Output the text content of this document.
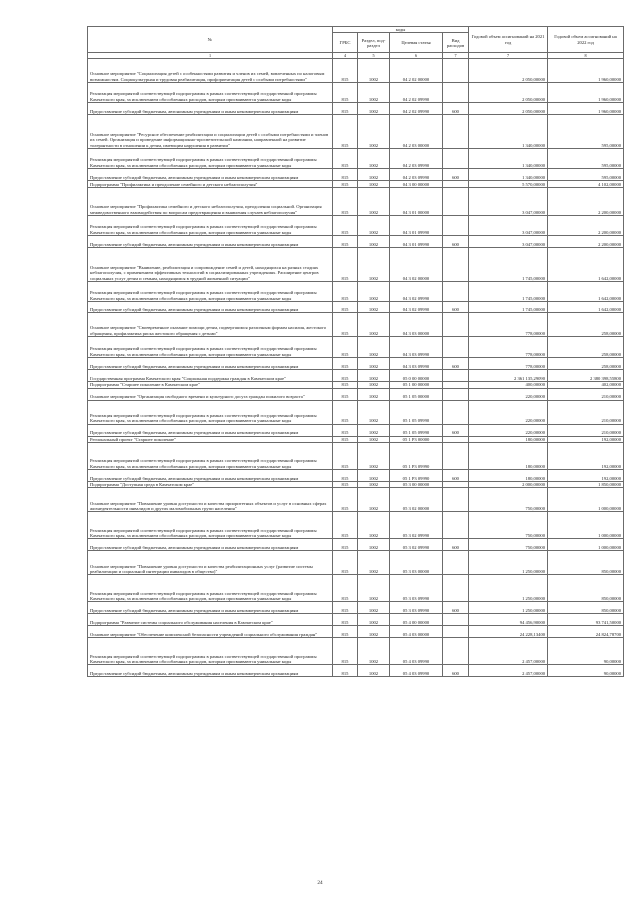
№	коды				Годовой объем ассигнований на 2021 год	Годовой объем ассигнований на 2022 год
	ГРБС	Раздел, под-раздел	Целевая статья	Вид расходов		
1	4	5	6	7	7	8
Основное мероприятие "Социализация детей с особенностями развития и членов их семей, вовлеченных по налоговым возможностям. Социокультурная и трудовая реабилитация, профориентация детей с особыми потребностями"	815	1002	04 2 02 00000		2 050,00000	1 960,00000
Реализация мероприятий соответствующей подпрограммы в рамках соответствующей государственной программы Камчатского края, за исключением обособленных расходов, которым присваиваются уникальные коды	815	1002	04 2 02 09990		2 050,00000	1 960,00000
Предоставление субсидий бюджетным, автономным учреждениям и иным некоммерческим организациям	815	1002	04 2 02 09990	600	2 050,00000	1 960,00000
Основное мероприятие "Ресурсное обеспечение реабилитации и социализации детей с особыми потребностями и членов их семей. Организация и проведение информационно-просветительской кампании, направленной на развитие толерантности в отношении к детям, имеющим нарушения в развитии"	815	1002	04 2 03 00000		1 340,00000	595,00000
Реализация мероприятий соответствующей подпрограммы в рамках соответствующей государственной программы Камчатского края, за исключением обособленных расходов, которым присваиваются уникальные коды	815	1002	04 2 03 09990		1 340,00000	595,00000
Предоставление субсидий бюджетным, автономным учреждениям и иным некоммерческим организациям	815	1002	04 2 03 09990	600	1 340,00000	595,00000
Подпрограмма "Профилактика и преодоление семейного и детского неблагополучия"	815	1002	04 3 00 00000		5 570,00000	4 102,00000
Основное мероприятие "Профилактика семейного и детского неблагополучия, преодоления социальной. Организация межведомственного взаимодействия по вопросам предотвращения и выявления случаев неблагополучия"	815	1002	04 3 01 00000		3 047,00000	2 200,00000
Реализация мероприятий соответствующей подпрограммы в рамках соответствующей государственной программы Камчатского края, за исключением обособленных расходов, которым присваиваются уникальные коды	815	1002	04 3 01 09990		3 047,00000	2 200,00000
Предоставление субсидий бюджетным, автономным учреждениям и иным некоммерческим организациям	815	1002	04 3 01 09990	600	3 047,00000	2 200,00000
Основное мероприятие "Выявление, реабилитация и сопровождение семей и детей, находящихся на разных стадиях неблагополучия, с применением эффективных технологий в социализированных учреждениях. Расширение центров социальных услуг детям и семьям, находящимся в трудной жизненной ситуации"	815	1002	04 3 02 00000		1 745,00000	1 642,00000
Реализация мероприятий соответствующей подпрограммы в рамках соответствующей государственной программы Камчатского края, за исключением обособленных расходов, которым присваиваются уникальные коды	815	1002	04 3 02 09990		1 745,00000	1 642,00000
Предоставление субсидий бюджетным, автономным учреждениям и иным некоммерческим организациям	815	1002	04 3 02 09990	600	1 745,00000	1 642,00000
Основное мероприятие "Своевременное оказание помощи детям, подвергшимся различным формам насилия, жестокого обращения, профилактика риска жестокого обращения с детьми"	815	1002	04 3 03 00000		778,00000	258,00000
Реализация мероприятий соответствующей подпрограммы в рамках соответствующей государственной программы Камчатского края, за исключением обособленных расходов, которым присваиваются уникальные коды	815	1002	04 3 03 09990		778,00000	258,00000
Предоставление субсидий бюджетным, автономным учреждениям и иным некоммерческим организациям	815	1002	04 3 03 09990	600	778,00000	258,00000
Государственная программа Камчатского края "Социальная поддержка граждан в Камчатском крае"	815	1002	05 0 00 00000		2 361 135,29090	2 380 398,55800
Подпрограмма "Старшее поколение в Камчатском крае"	815	1002	05 1 00 00000		400,00000	402,00000
Основное мероприятие "Организация свободного времени и культурного досуга граждан пожилого возраста"	815	1002	05 1 05 00000		220,00000	210,00000
Реализация мероприятий соответствующей подпрограммы в рамках соответствующей государственной программы Камчатского края, за исключением обособленных расходов, которым присваиваются уникальные коды	815	1002	05 1 05 09990		220,00000	210,00000
Предоставление субсидий бюджетным, автономным учреждениям и иным некоммерческим организациям	815	1002	05 1 05 09990	600	220,00000	210,00000
Региональный проект "Старшее поколение"	815	1002	05 1 P3 00000		180,00000	192,00000
Реализация мероприятий соответствующей подпрограммы в рамках соответствующей государственной программы Камчатского края, за исключением обособленных расходов, которым присваиваются уникальные коды	815	1002	05 1 P3 09990		180,00000	192,00000
Предоставление субсидий бюджетным, автономным учреждениям и иным некоммерческим организациям	815	1002	05 1 P3 09990	600	180,00000	192,00000
Подпрограмма "Доступная среда в Камчатском крае"	815	1002	05 3 00 00000		2 000,00000	1 850,00000
Основное мероприятие "Повышение уровня доступности и качества приоритетных объектов и услуг в основных сферах жизнедеятельности инвалидов и других маломобильных групп населения"	815	1002	05 3 02 00000		750,00000	1 000,00000
Реализация мероприятий соответствующей подпрограммы в рамках соответствующей государственной программы Камчатского края, за исключением обособленных расходов, которым присваиваются уникальные коды	815	1002	05 3 02 09990		750,00000	1 000,00000
Предоставление субсидий бюджетным, автономным учреждениям и иным некоммерческим организациям	815	1002	05 3 02 09990	600	750,00000	1 000,00000
Основное мероприятие "Повышение уровня доступности и качества реабилитационных услуг (развитие системы реабилитации и социальной интеграции инвалидов в общество)"	815	1002	05 3 03 00000		1 250,00000	850,00000
Реализация мероприятий соответствующей подпрограммы в рамках соответствующей государственной программы Камчатского края, за исключением обособленных расходов, которым присваиваются уникальные коды	815	1002	05 3 03 09990		1 250,00000	850,00000
Предоставление субсидий бюджетным, автономным учреждениям и иным некоммерческим организациям	815	1002	05 3 03 09990	600	1 250,00000	850,00000
Подпрограмма "Развитие системы социального обслуживания населения в Камчатском крае"	815	1002	05 4 00 00000		94 456,90000	93 741,50000
Основное мероприятие "Обеспечение комплексной безопасности учреждений социального обслуживания граждан"	815	1002	05 4 03 00000		24 228,13400	24 824,78700
Реализация мероприятий соответствующей подпрограммы в рамках соответствующей государственной программы Камчатского края, за исключением обособленных расходов, которым присваиваются уникальные коды	815	1002	05 4 03 09990		2 457,00000	90,00000
Предоставление субсидий бюджетным, автономным учреждениям и иным некоммерческим организациям	815	1002	05 4 03 09990	600	2 457,00000	90,00000
24
